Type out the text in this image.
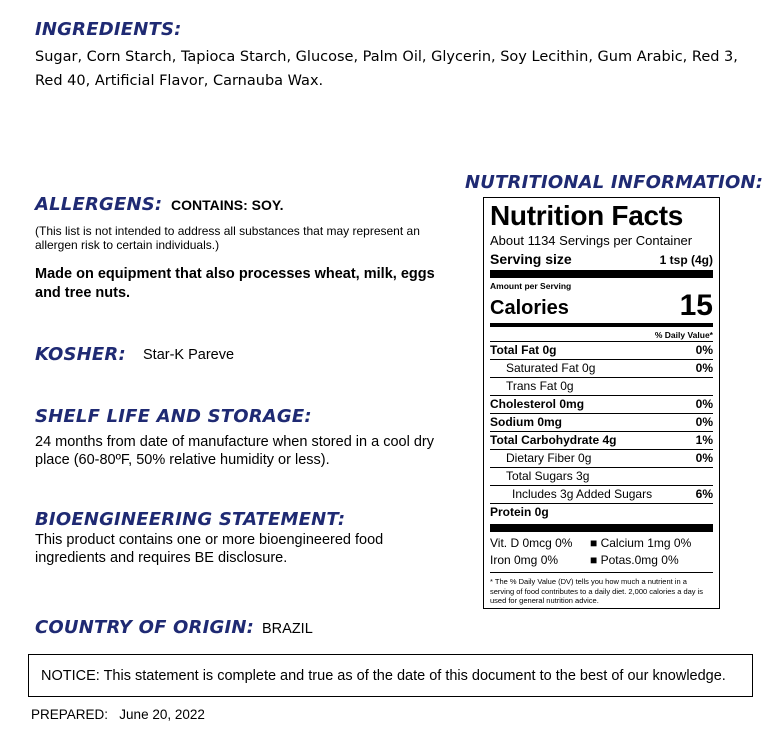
INGREDIENTS:

Sugar, Corn Starch, Tapioca Starch, Glucose, Palm Oil, Glycerin, Soy Lecithin, Gum Arabic, Red 3, Red 40, Artificial Flavor, Carnauba Wax.

NUTRITIONAL INFORMATION:
ALLERGENS: CONTAINS: SOY.

(This list is not intended to address all substances that may represent an allergen risk to certain individuals.)

Made on equipment that also processes wheat, milk, eggs and tree nuts.

KOSHER: Star-K Pareve

SHELF LIFE AND STORAGE:

24 months from date of manufacture when stored in a cool dry place (60-80ºF, 50% relative humidity or less).

BIOENGINEERING STATEMENT:

This product contains one or more bioengineered food ingredients and requires BE disclosure.

COUNTRY OF ORIGIN: BRAZIL

Nutrition Facts
About 1134 Servings per Container
Serving size	1 tsp (4g)
Amount per Serving
Calories	15
% Daily Value*
Total Fat 0g	0%
Saturated Fat 0g	0%
Trans Fat 0g
Cholesterol 0mg	0%
Sodium 0mg	0%
Total Carbohydrate 4g	1%
Dietary Fiber 0g	0%
Total Sugars 3g
Includes 3g Added Sugars	6%
Protein 0g
Vit. D 0mcg 0%	■ Calcium 1mg 0%
Iron 0mg 0%	■ Potas.0mg 0%
* The % Daily Value (DV) tells you how much a nutrient in a serving of food contributes to a daily diet. 2,000 calories a day is used for general nutrition advice.
NOTICE: This statement is complete and true as of the date of this document to the best of our knowledge.

PREPARED: June 20, 2022
